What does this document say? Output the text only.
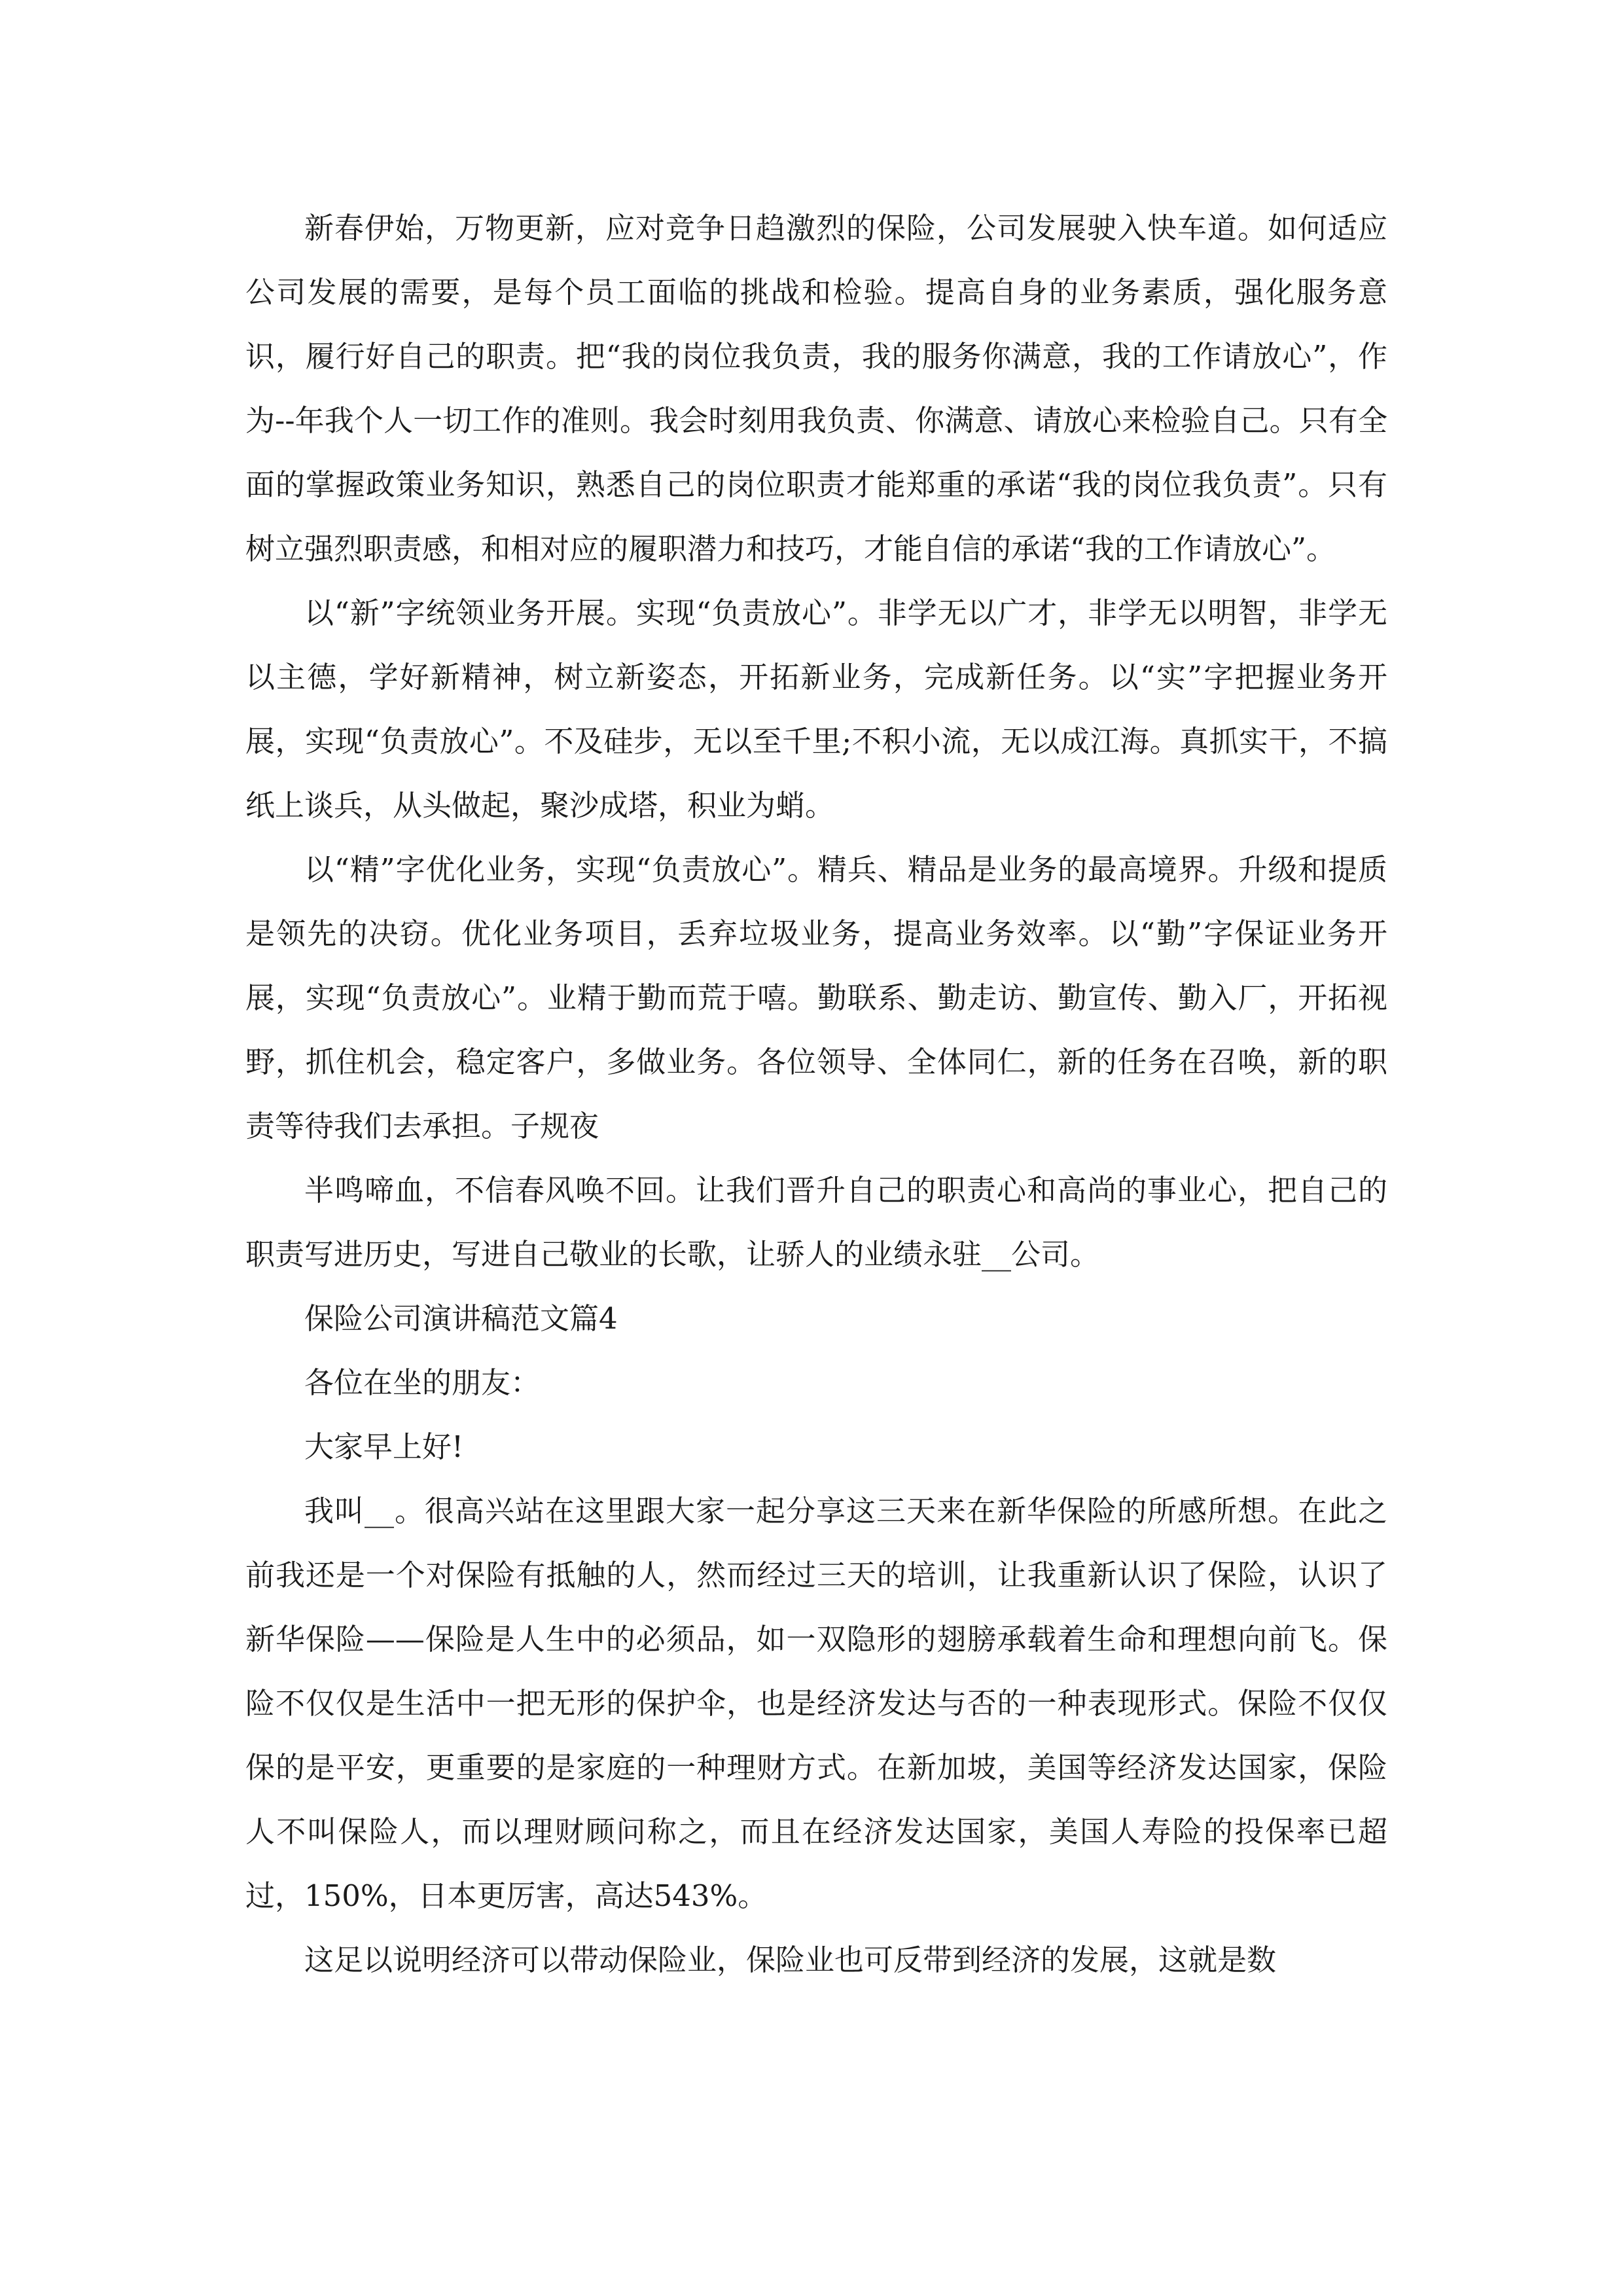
新春伊始，万物更新，应对竞争日趋激烈的保险，公司发展驶入快车道。如何适应公司发展的需要，是每个员工面临的挑战和检验。提高自身的业务素质，强化服务意识，履行好自己的职责。把“我的岗位我负责，我的服务你满意，我的工作请放心”，作为--年我个人一切工作的准则。我会时刻用我负责、你满意、请放心来检验自己。只有全面的掌握政策业务知识，熟悉自己的岗位职责才能郑重的承诺“我的岗位我负责”。只有树立强烈职责感，和相对应的履职潜力和技巧，才能自信的承诺“我的工作请放心”。

以“新”字统领业务开展。实现“负责放心”。非学无以广才，非学无以明智，非学无以主德，学好新精神，树立新姿态，开拓新业务，完成新任务。以“实”字把握业务开展，实现“负责放心”。不及硅步，无以至千里;不积小流，无以成江海。真抓实干，不搞纸上谈兵，从头做起，聚沙成塔，积业为蛸。

以“精”字优化业务，实现“负责放心”。精兵、精品是业务的最高境界。升级和提质是领先的决窃。优化业务项目，丢弃垃圾业务，提高业务效率。以“勤”字保证业务开展，实现“负责放心”。业精于勤而荒于嘻。勤联系、勤走访、勤宣传、勤入厂，开拓视野，抓住机会，稳定客户，多做业务。各位领导、全体同仁，新的任务在召唤，新的职责等待我们去承担。子规夜

半鸣啼血，不信春风唤不回。让我们晋升自己的职责心和高尚的事业心，把自己的职责写进历史，写进自己敬业的长歌，让骄人的业绩永驻__公司。

保险公司演讲稿范文篇4

各位在坐的朋友：

大家早上好!

我叫__。很高兴站在这里跟大家一起分享这三天来在新华保险的所感所想。在此之前我还是一个对保险有抵触的人，然而经过三天的培训，让我重新认识了保险，认识了新华保险——保险是人生中的必须品，如一双隐形的翅膀承载着生命和理想向前飞。保险不仅仅是生活中一把无形的保护伞，也是经济发达与否的一种表现形式。保险不仅仅保的是平安，更重要的是家庭的一种理财方式。在新加坡，美国等经济发达国家，保险人不叫保险人，而以理财顾问称之，而且在经济发达国家，美国人寿险的投保率已超过，150%，日本更厉害，高达543%。

这足以说明经济可以带动保险业，保险业也可反带到经济的发展，这就是数
